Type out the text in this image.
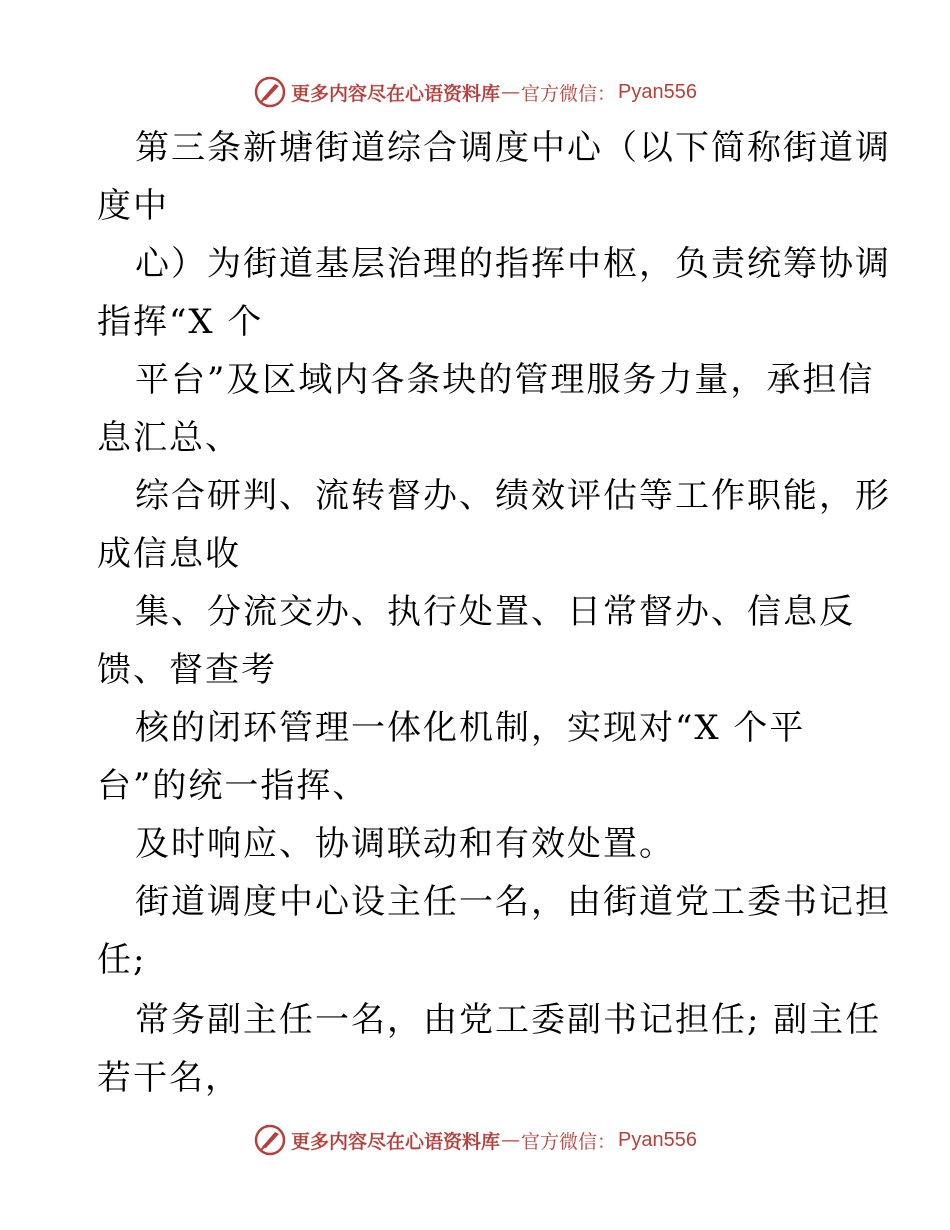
更多内容尽在心语资料库 — 官方微信： Pyan556
第三条新塘街道综合调度中心（以下简称街道调
度中
心）为街道基层治理的指挥中枢，负责统筹协调
指挥“X 个
平台”及区域内各条块的管理服务力量，承担信
息汇总、
综合研判、流转督办、绩效评估等工作职能，形
成信息收
集、分流交办、执行处置、日常督办、信息反
馈、督查考
核的闭环管理一体化机制，实现对“X 个平
台”的统一指挥、
及时响应、协调联动和有效处置。
街道调度中心设主任一名，由街道党工委书记担
任;
常务副主任一名，由党工委副书记担任; 副主任
若干名，
更多内容尽在心语资料库 — 官方微信： Pyan556
